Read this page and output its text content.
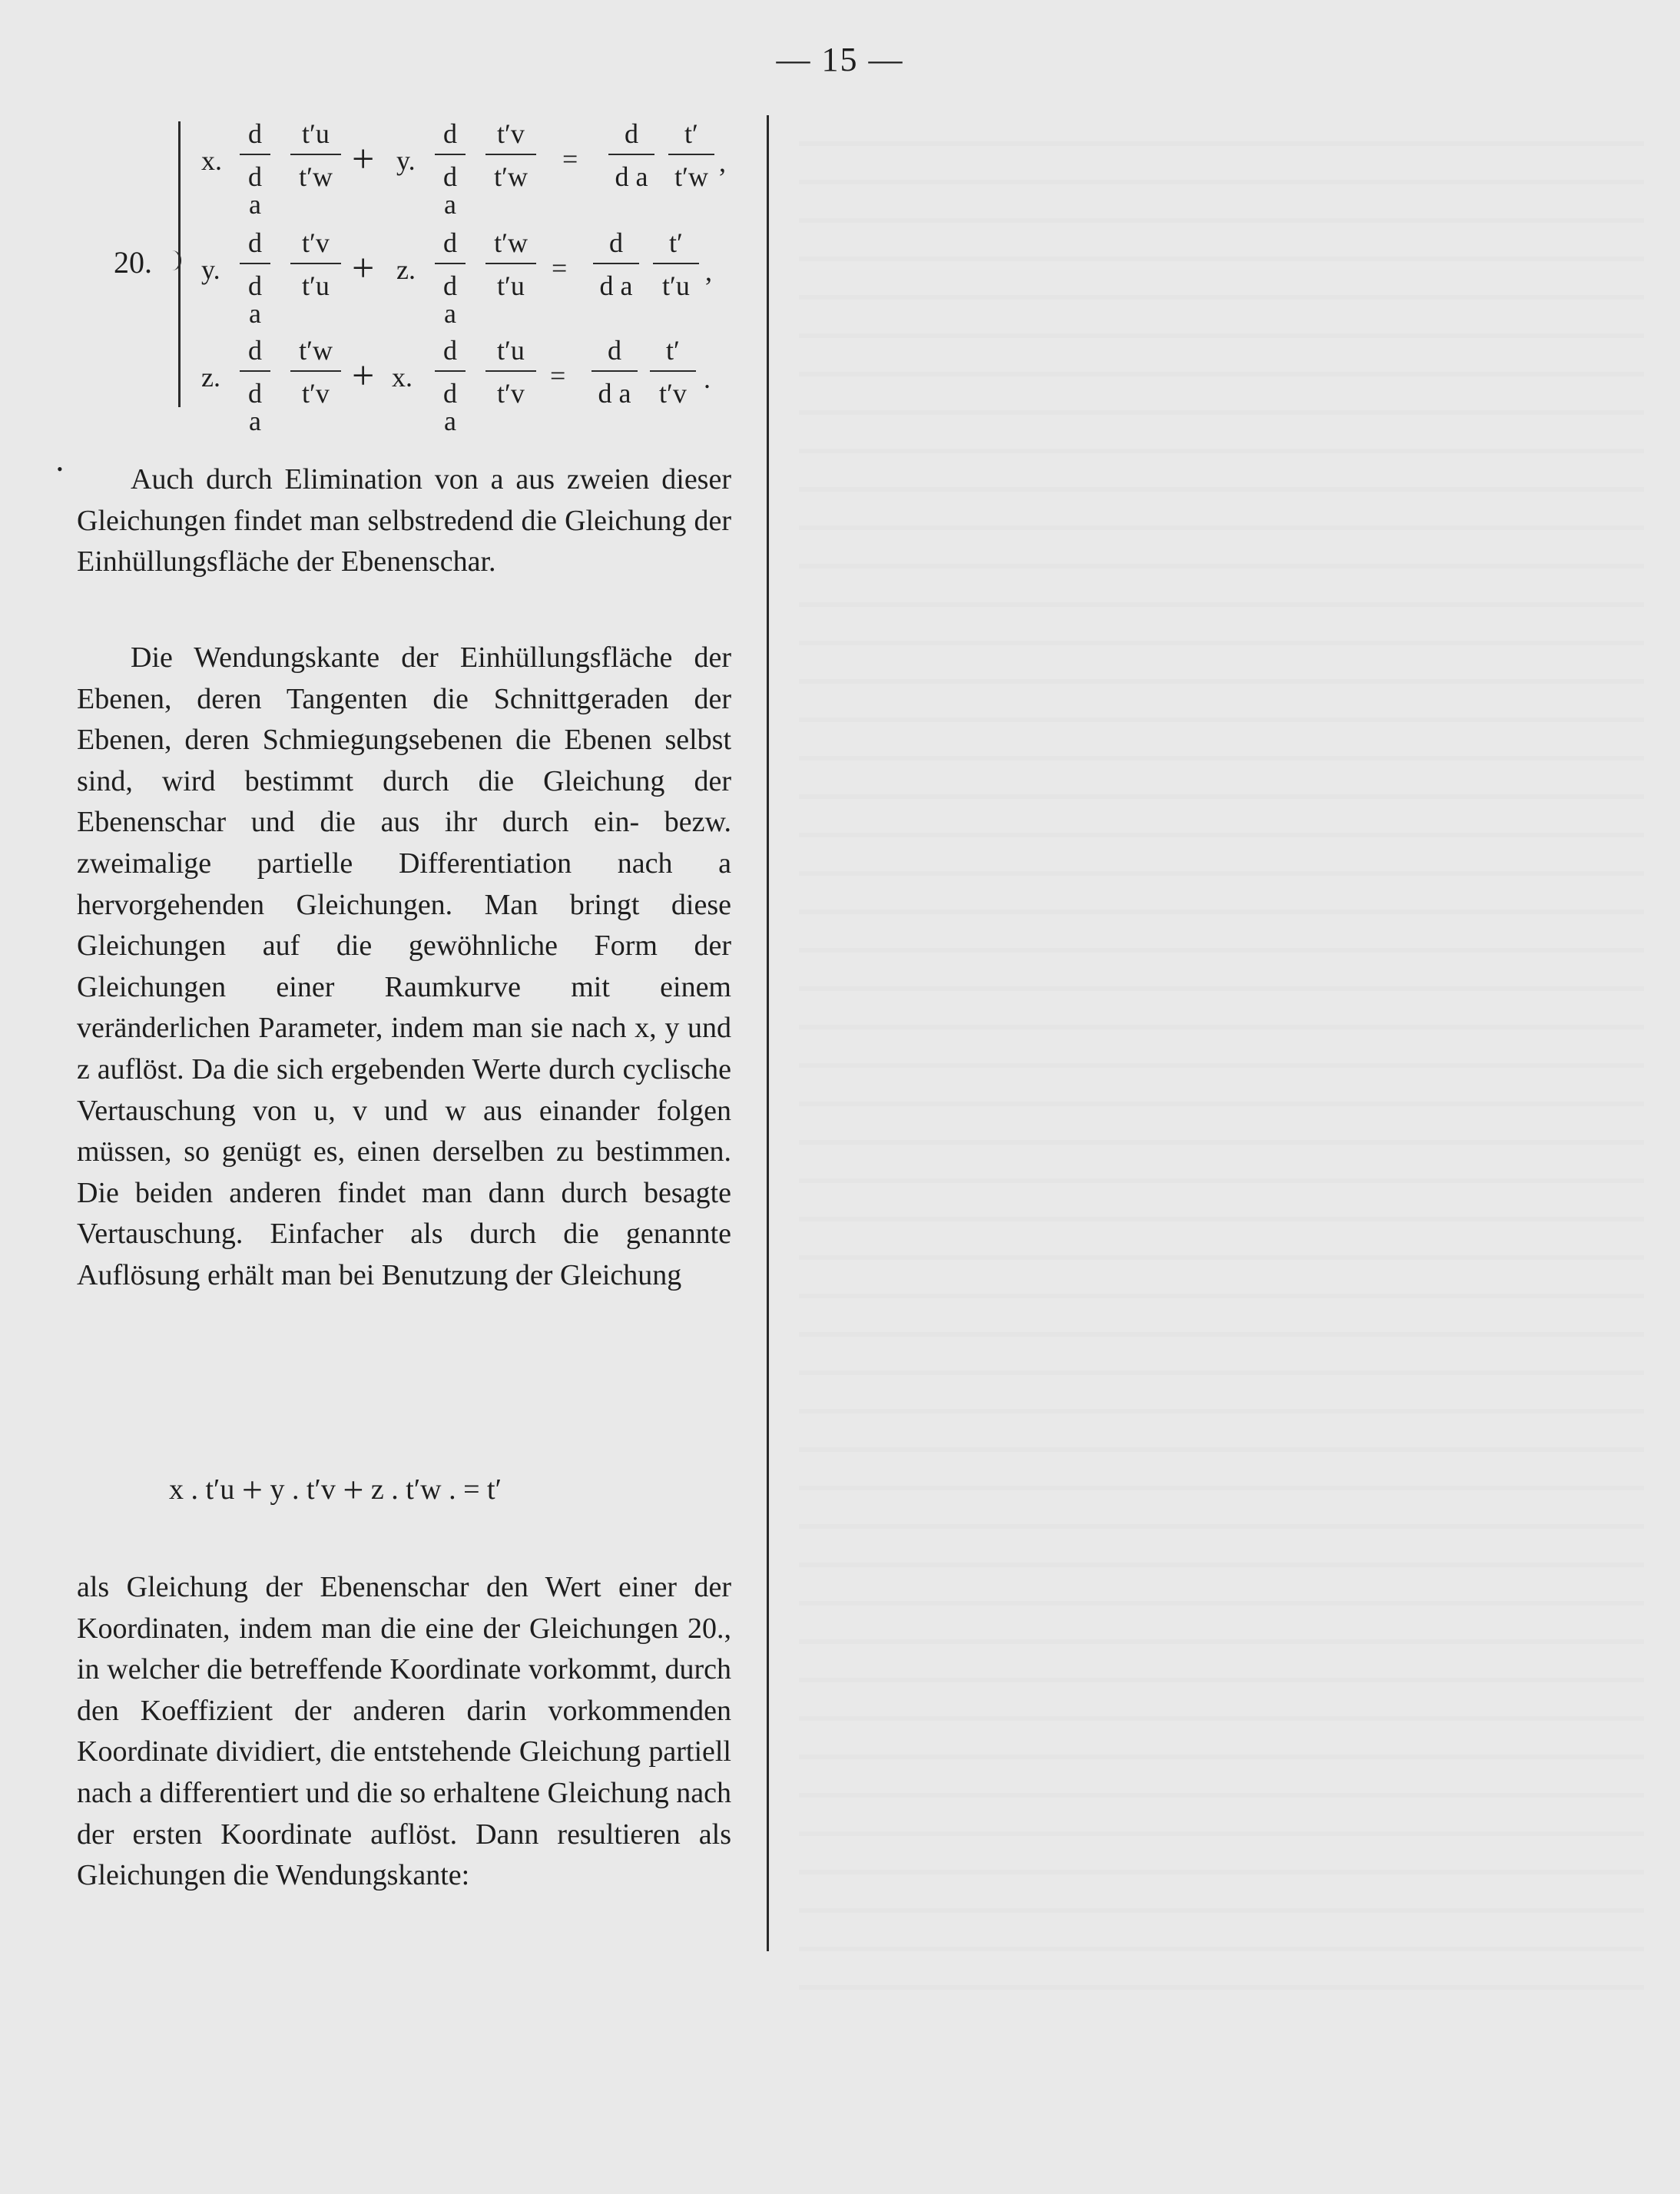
— 15 —
20.
x. $\frac{d}{\text{d a}} \frac{t'u}{t'w} + y$. $\frac{d}{\text{d a}} \frac{t'v}{t'w} = \frac{d}{\text{d a}} \frac{t'}{t'w}$ ,
y. $\frac{d}{\text{d a}} \frac{t'v}{t'u} + z$. $\frac{d}{\text{d a}} \frac{t'w}{t'u} = \frac{d}{\text{d a}} \frac{t'}{t'u}$ ,
z. $\frac{d}{\text{d a}} \frac{t'w}{t'v} + x$. $\frac{d}{\text{d a}} \frac{t'u}{t'v} = \frac{d}{\text{d a}} \frac{t'}{t'v}$ .
•	Auch durch Elimination von a aus zweien dieser Gleichungen findet man selbstredend die Gleichung der Einhüllungsfläche der Ebenenschar.

Die Wendungskante der Einhüllungsfläche der Ebenen, deren Tangenten die Schnittgeraden der Ebenen, deren Schmiegungsebenen die Ebenen selbst sind, wird bestimmt durch die Gleichung der Ebenenschar und die aus ihr durch ein- bezw. zweimalige partielle Differentiation nach a hervorgehenden Gleichungen. Man bringt diese Gleichungen auf die gewöhnliche Form der Gleichungen einer Raumkurve mit einem veränderlichen Parameter, indem man sie nach x, y und z auflöst. Da die sich ergebenden Werte durch cyclische Vertauschung von u, v und w aus einander folgen müssen, so genügt es, einen derselben zu bestimmen. Die beiden anderen findet man dann durch besagte Vertauschung. Einfacher als durch die genannte Auflösung erhält man bei Benutzung der Gleichung

x . t′u + y . t′v + z . t′w . = t′

als Gleichung der Ebenenschar den Wert einer der Koordinaten, indem man die eine der Gleichungen 20., in welcher die betreffende Koordinate vorkommt, durch den Koeffizient der anderen darin vorkommenden Koordinate dividiert, die entstehende Gleichung partiell nach a differentiert und die so erhaltene Gleichung nach der ersten Koordinate auflöst. Dann resultieren als Gleichungen die Wendungskante:
